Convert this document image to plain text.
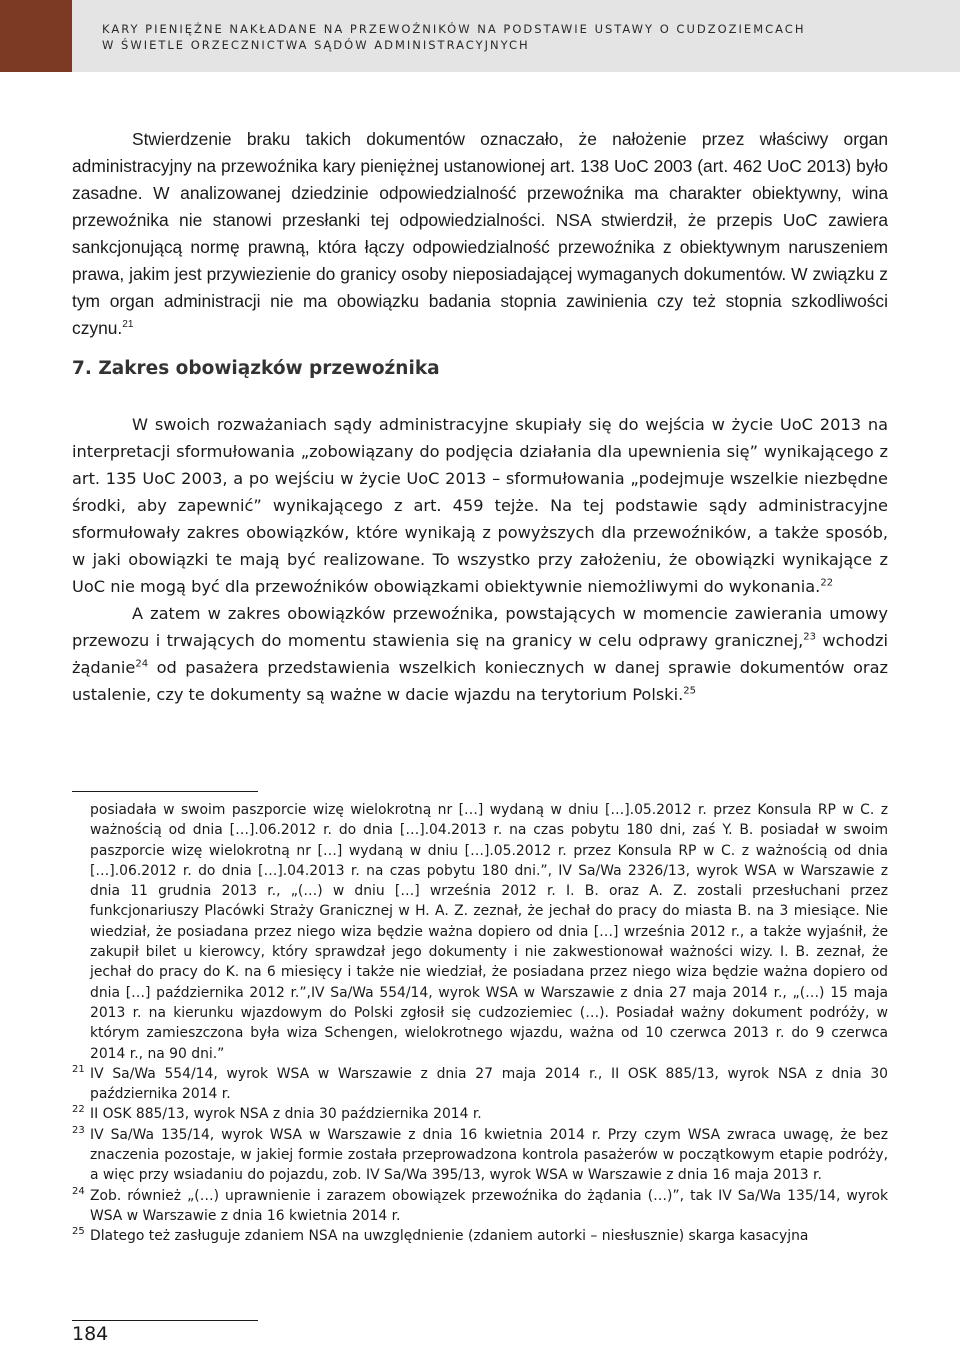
KARY PIENIĘŻNE NAKŁADANE NA PRZEWOŹNIKÓW NA PODSTAWIE USTAWY O CUDZOZIEMCACH
W ŚWIETLE ORZECZNICTWA SĄDÓW ADMINISTRACYJNYCH

Stwierdzenie braku takich dokumentów oznaczało, że nałożenie przez właściwy organ administracyjny na przewoźnika kary pieniężnej ustanowionej art. 138 UoC 2003 (art. 462 UoC 2013) było zasadne. W analizowanej dziedzinie odpowiedzialność przewoźnika ma charakter obiektywny, wina przewoźnika nie stanowi przesłanki tej odpowiedzialności. NSA stwierdził, że przepis UoC zawiera sankcjonującą normę prawną, która łączy odpowiedzialność przewoźnika z obiektywnym naruszeniem prawa, jakim jest przywiezienie do granicy osoby nieposiadającej wymaganych dokumentów. W związku z tym organ administracji nie ma obowiązku badania stopnia zawinienia czy też stopnia szkodliwości czynu.$^{21}$

7. Zakres obowiązków przewoźnika

W swoich rozważaniach sądy administracyjne skupiały się do wejścia w życie UoC 2013 na interpretacji sformułowania „zobowiązany do podjęcia działania dla upewnienia się” wynikającego z art. 135 UoC 2003, a po wejściu w życie UoC 2013 – sformułowania „podejmuje wszelkie niezbędne środki, aby zapewnić” wynikającego z art. 459 tejże. Na tej podstawie sądy administracyjne sformułowały zakres obowiązków, które wynikają z powyższych dla przewoźników, a także sposób, w jaki obowiązki te mają być realizowane. To wszystko przy założeniu, że obowiązki wynikające z UoC nie mogą być dla przewoźników obowiązkami obiektywnie niemożliwymi do wykonania.$^{22}$

A zatem w zakres obowiązków przewoźnika, powstających w momencie zawierania umowy przewozu i trwających do momentu stawienia się na granicy w celu odprawy granicznej,$^{23}$ wchodzi żądanie$^{24}$ od pasażera przedstawienia wszelkich koniecznych w danej sprawie dokumentów oraz ustalenie, czy te dokumenty są ważne w dacie wjazdu na terytorium Polski.$^{25}$

posiadała w swoim paszporcie wizę wielokrotną nr […] wydaną w dniu […].05.2012 r. przez Konsula RP w C. z ważnością od dnia […].06.2012 r. do dnia […].04.2013 r. na czas pobytu 180 dni, zaś Y. B. posiadał w swoim paszporcie wizę wielokrotną nr […] wydaną w dniu […].05.2012 r. przez Konsula RP w C. z ważnością od dnia […].06.2012 r. do dnia […].04.2013 r. na czas pobytu 180 dni.”, IV Sa/Wa 2326/13, wyrok WSA w Warszawie z dnia 11 grudnia 2013 r., „(…) w dniu […] września 2012 r. I. B. oraz A. Z. zostali przesłuchani przez funkcjonariuszy Placówki Straży Granicznej w H. A. Z. zeznał, że jechał do pracy do miasta B. na 3 miesiące. Nie wiedział, że posiadana przez niego wiza będzie ważna dopiero od dnia […] września 2012 r., a także wyjaśnił, że zakupił bilet u kierowcy, który sprawdzał jego dokumenty i nie zakwestionował ważności wizy. I. B. zeznał, że jechał do pracy do K. na 6 miesięcy i także nie wiedział, że posiadana przez niego wiza będzie ważna dopiero od dnia […] października 2012 r.”,IV Sa/Wa 554/14, wyrok WSA w Warszawie z dnia 27 maja 2014 r., „(…) 15 maja 2013 r. na kierunku wjazdowym do Polski zgłosił się cudzoziemiec (…). Posiadał ważny dokument podróży, w którym zamieszczona była wiza Schengen, wielokrotnego wjazdu, ważna od 10 czerwca 2013 r. do 9 czerwca 2014 r., na 90 dni.”
21 IV Sa/Wa 554/14, wyrok WSA w Warszawie z dnia 27 maja 2014 r., II OSK 885/13, wyrok NSA z dnia 30 października 2014 r.
22 II OSK 885/13, wyrok NSA z dnia 30 października 2014 r.
23 IV Sa/Wa 135/14, wyrok WSA w Warszawie z dnia 16 kwietnia 2014 r. Przy czym WSA zwraca uwagę, że bez znaczenia pozostaje, w jakiej formie została przeprowadzona kontrola pasażerów w początkowym etapie podróży, a więc przy wsiadaniu do pojazdu, zob. IV Sa/Wa 395/13, wyrok WSA w Warszawie z dnia 16 maja 2013 r.
24 Zob. również „(…) uprawnienie i zarazem obowiązek przewoźnika do żądania (…)”, tak IV Sa/Wa 135/14, wyrok WSA w Warszawie z dnia 16 kwietnia 2014 r.
25 Dlatego też zasługuje zdaniem NSA na uwzględnienie (zdaniem autorki – niesłusznie) skarga kasacyjna
184
